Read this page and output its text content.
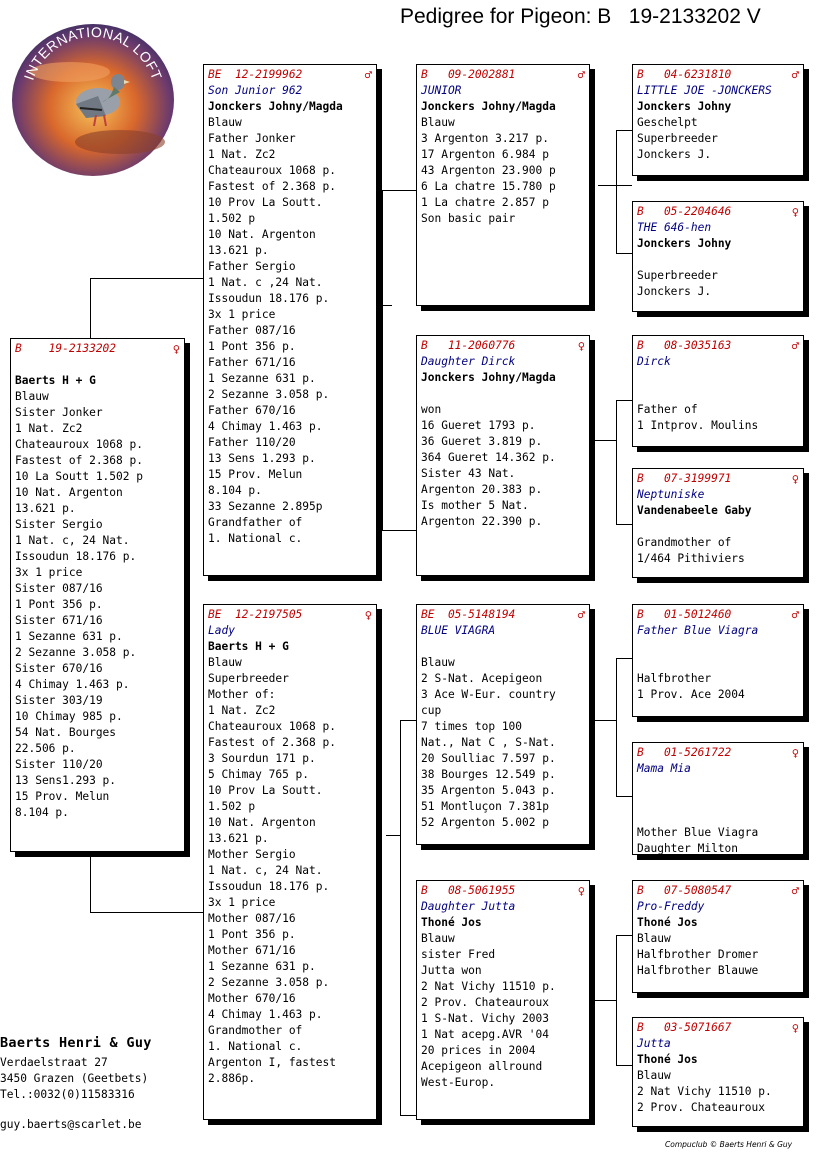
Pedigree for Pigeon: B   19-2133202 V
INTERNATIONAL LOFT
B    19-2133202	♀
Baerts H + G
Blauw
Sister Jonker
1 Nat. Zc2
Chateauroux 1068 p.
Fastest of 2.368 p.
10 La Soutt 1.502 p
10 Nat. Argenton
13.621 p.
Sister Sergio
1 Nat. c, 24 Nat.
Issoudun 18.176 p.
3x 1 price
Sister 087/16
1 Pont 356 p.
Sister 671/16
1 Sezanne 631 p.
2 Sezanne 3.058 p.
Sister 670/16
4 Chimay 1.463 p.
Sister 303/19
10 Chimay 985 p.
54 Nat. Bourges
22.506 p.
Sister 110/20
13 Sens1.293 p.
15 Prov. Melun
8.104 p.
BE  12-2199962	♂
Son Junior 962
Jonckers Johny/Magda
Blauw
Father Jonker
1 Nat. Zc2
Chateauroux 1068 p.
Fastest of 2.368 p.
10 Prov La Soutt.
1.502 p
10 Nat. Argenton
13.621 p.
Father Sergio
1 Nat. c ,24 Nat.
Issoudun 18.176 p.
3x 1 price
Father 087/16
1 Pont 356 p.
Father 671/16
1 Sezanne 631 p.
2 Sezanne 3.058 p.
Father 670/16
4 Chimay 1.463 p.
Father 110/20
13 Sens 1.293 p.
15 Prov. Melun
8.104 p.
33 Sezanne 2.895p
Grandfather of
1. National c.
BE  12-2197505	♀
Lady
Baerts H + G
Blauw
Superbreeder
Mother of:
1 Nat. Zc2
Chateauroux 1068 p.
Fastest of 2.368 p.
3 Sourdun 171 p.
5 Chimay 765 p.
10 Prov La Soutt.
1.502 p
10 Nat. Argenton
13.621 p.
Mother Sergio
1 Nat. c, 24 Nat.
Issoudun 18.176 p.
3x 1 price
Mother 087/16
1 Pont 356 p.
Mother 671/16
1 Sezanne 631 p.
2 Sezanne 3.058 p.
Mother 670/16
4 Chimay 1.463 p.
Grandmother of
1. National c.
Argenton I, fastest
2.886p.
B   09-2002881	♂
JUNIOR
Jonckers Johny/Magda
Blauw
3 Argenton 3.217 p.
17 Argenton 6.984 p
43 Argenton 23.900 p
6 La chatre 15.780 p
1 La chatre 2.857 p
Son basic pair
B   11-2060776	♀
Daughter Dirck
Jonckers Johny/Magda
won
16 Gueret 1793 p.
36 Gueret 3.819 p.
364 Gueret 14.362 p.
Sister 43 Nat.
Argenton 20.383 p.
Is mother 5 Nat.
Argenton 22.390 p.
BE  05-5148194	♂
BLUE VIAGRA
Blauw
2 S-Nat. Acepigeon
3 Ace W-Eur. country
cup
7 times top 100
Nat., Nat C , S-Nat.
20 Soulliac 7.597 p.
38 Bourges 12.549 p.
35 Argenton 5.043 p.
51 Montluçon 7.381p
52 Argenton 5.002 p
B   08-5061955	♀
Daughter Jutta
Thoné Jos
Blauw
sister Fred
Jutta won
2 Nat Vichy 11510 p.
2 Prov. Chateauroux
1 S-Nat. Vichy 2003
1 Nat acepg.AVR '04
20 prices in 2004
Acepigeon allround
West-Europ.
B   04-6231810	♂
LITTLE JOE -JONCKERS
Jonckers Johny
Geschelpt
Superbreeder
Jonckers J.
B   05-2204646	♀
THE 646-hen
Jonckers Johny
Superbreeder
Jonckers J.
B   08-3035163	♂
Dirck
Father of
1 Intprov. Moulins
B   07-3199971	♀
Neptuniske
Vandenabeele Gaby
Grandmother of
1/464 Pithiviers
B   01-5012460	♂
Father Blue Viagra
Halfbrother
1 Prov. Ace 2004
B   01-5261722	♀
Mama Mia
Mother Blue Viagra
Daughter Milton
B   07-5080547	♂
Pro-Freddy
Thoné Jos
Blauw
Halfbrother Dromer
Halfbrother Blauwe
B   03-5071667	♀
Jutta
Thoné Jos
Blauw
2 Nat Vichy 11510 p.
2 Prov. Chateauroux
Baerts Henri & Guy
Verdaelstraat 27
3450 Grazen (Geetbets)
Tel.:0032(0)11583316
guy.baerts@scarlet.be
Compuclub © Baerts Henri & Guy
